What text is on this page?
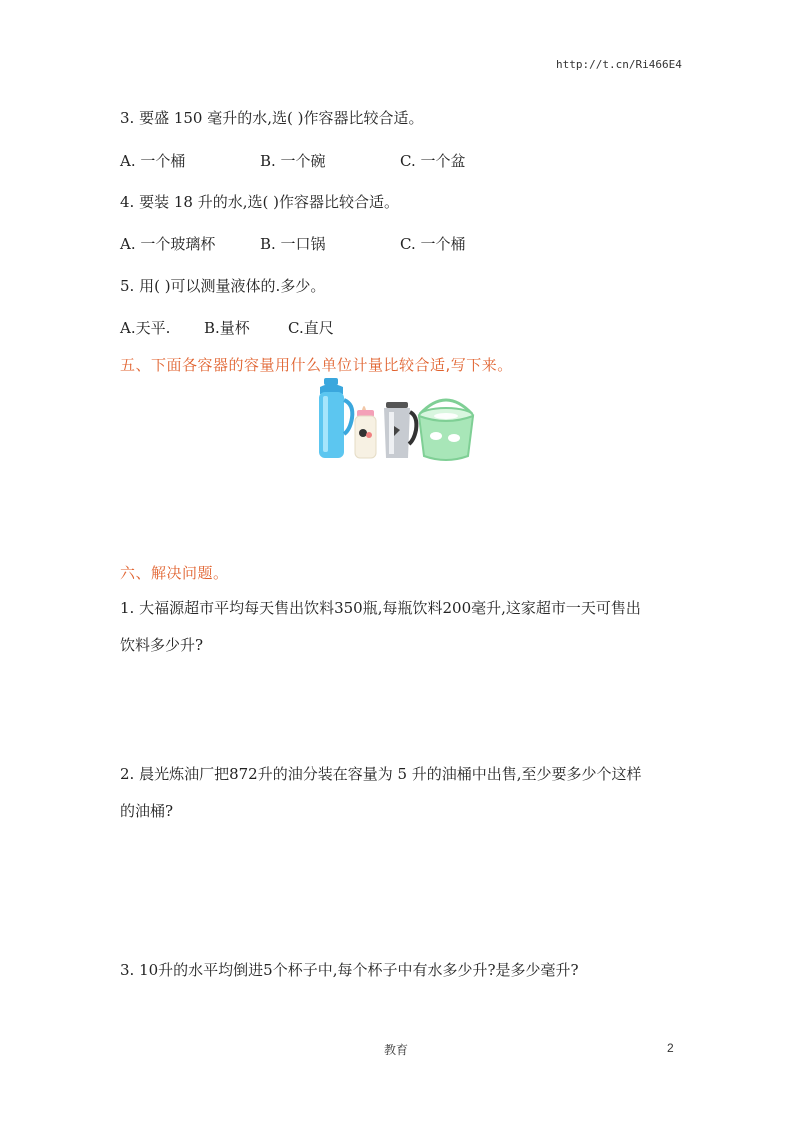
http://t.cn/Ri466E4
3. 要盛 150 毫升的水,选( )作容器比较合适。
A. 一个桶	B. 一个碗	C. 一个盆
4. 要装 18 升的水,选( )作容器比较合适。
A. 一个玻璃杯	B. 一口锅	C. 一个桶
5. 用( )可以测量液体的.多少。
A.天平. B.量杯	C.直尺
五、下面各容器的容量用什么单位计量比较合适,写下来。
六、解决问题。
1. 大福源超市平均每天售出饮料350瓶,每瓶饮料200毫升,这家超市一天可售出
饮料多少升?
2. 晨光炼油厂把872升的油分装在容量为 5 升的油桶中出售,至少要多少个这样
的油桶?
3. 10升的水平均倒进5个杯子中,每个杯子中有水多少升?是多少毫升?
教育	2
